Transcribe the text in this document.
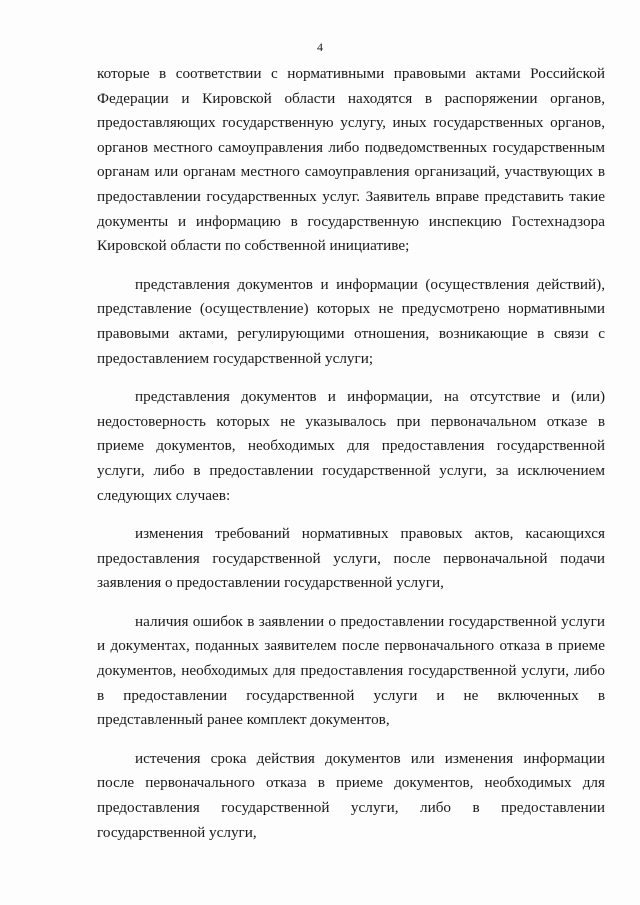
4

которые в соответствии с нормативными правовыми актами Российской Федерации и Кировской области находятся в распоряжении органов, предоставляющих государственную услугу, иных государственных органов, органов местного самоуправления либо подведомственных государственным органам или органам местного самоуправления организаций, участвующих в предоставлении государственных услуг. Заявитель вправе представить такие документы и информацию в государственную инспекцию Гостехнадзора Кировской области по собственной инициативе;

представления документов и информации (осуществления действий), представление (осуществление) которых не предусмотрено нормативными правовыми актами, регулирующими отношения, возникающие в связи с предоставлением государственной услуги;

представления документов и информации, на отсутствие и (или) недостоверность которых не указывалось при первоначальном отказе в приеме документов, необходимых для предоставления государственной услуги, либо в предоставлении государственной услуги, за исключением следующих случаев:

изменения требований нормативных правовых актов, касающихся предоставления государственной услуги, после первоначальной подачи заявления о предоставлении государственной услуги,

наличия ошибок в заявлении о предоставлении государственной услуги и документах, поданных заявителем после первоначального отказа в приеме документов, необходимых для предоставления государственной услуги, либо в предоставлении государственной услуги и не включенных в представленный ранее комплект документов,

истечения срока действия документов или изменения информации после первоначального отказа в приеме документов, необходимых для предоставления государственной услуги, либо в предоставлении государственной услуги,
